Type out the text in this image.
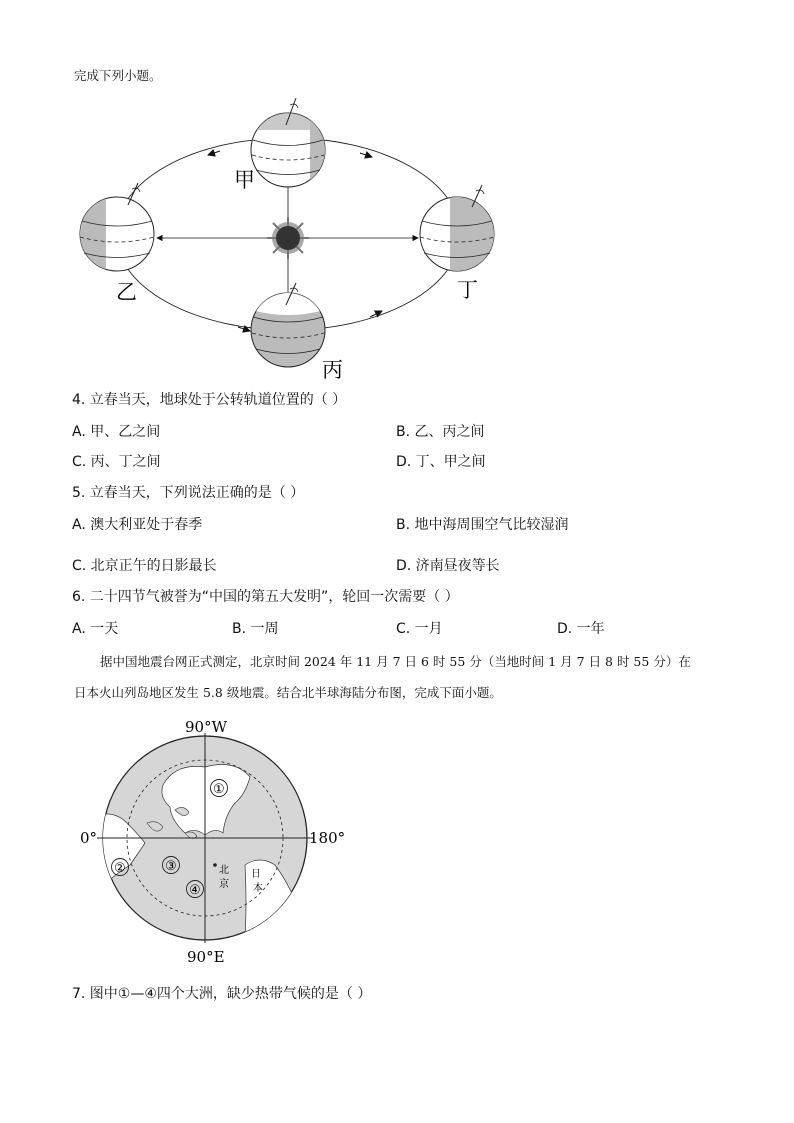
完成下列小题。
甲
乙
丙
丁
4. 立春当天，地球处于公转轨道位置的（ ）
A. 甲、乙之间	B. 乙、丙之间
C. 丙、丁之间	D. 丁、甲之间
5. 立春当天，下列说法正确的是（ ）
A. 澳大利亚处于春季	B. 地中海周围空气比较湿润
C. 北京正午的日影最长	D. 济南昼夜等长
6. 二十四节气被誉为“中国的第五大发明”，轮回一次需要（ ）
A. 一天	B. 一周	C. 一月	D. 一年
据中国地震台网正式测定，北京时间 2024 年 11 月 7 日 6 时 55 分（当地时间 1 月 7 日 8 时 55 分）在
日本火山列岛地区发生 5.8 级地震。结合北半球海陆分布图，完成下面小题。
①
②	③
④
北
京
日
本
90°W
90°E
0°	180°
7. 图中①—④四个大洲，缺少热带气候的是（ ）
